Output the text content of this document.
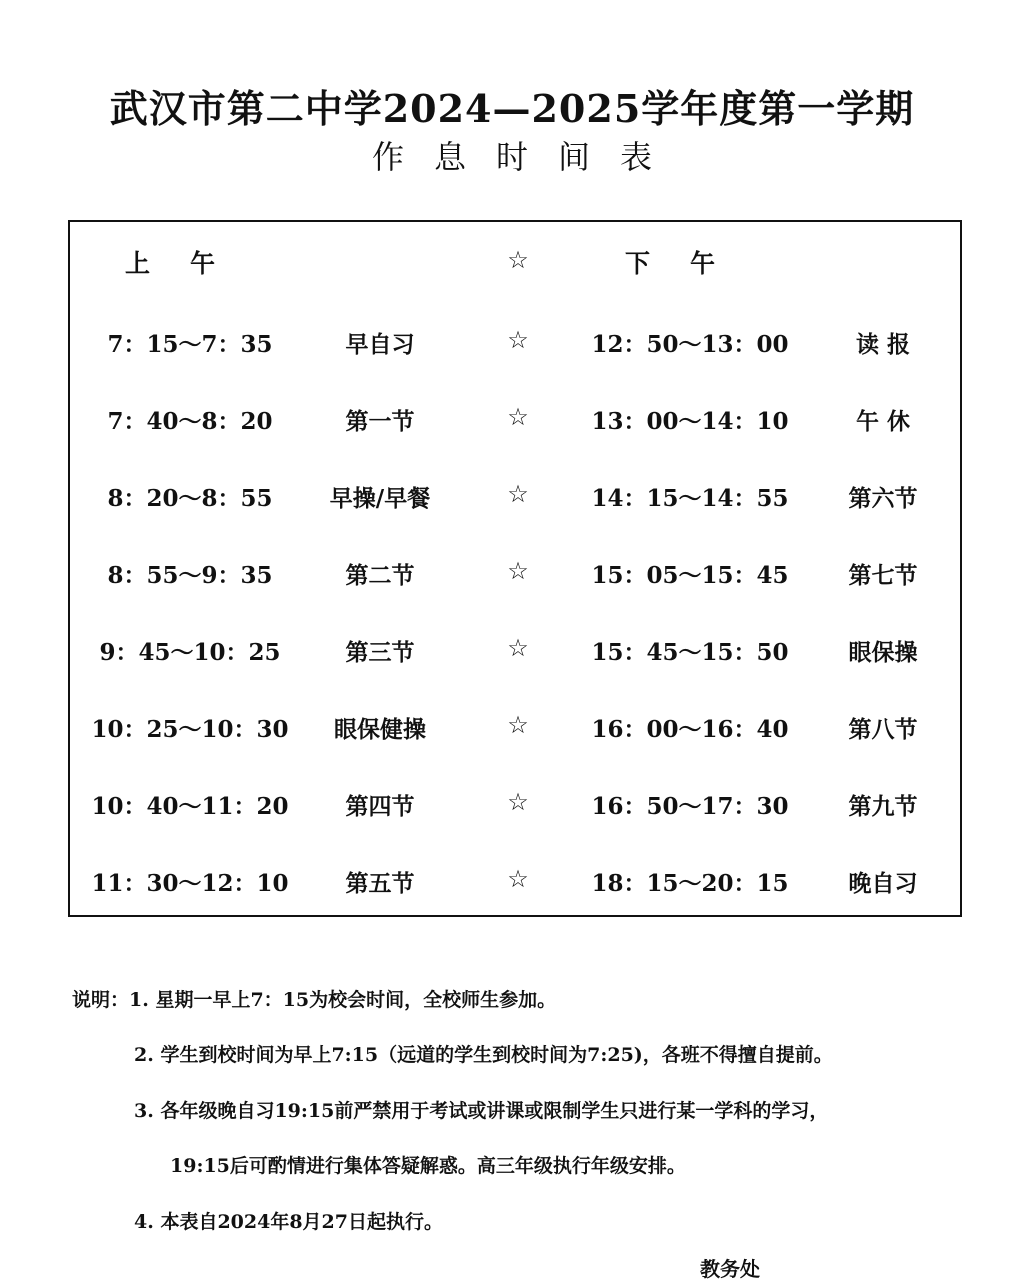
武汉市第二中学2024—2025学年度第一学期
作息时间表
上午	☆	下午
7：15～7：35	早自习	☆	12：50～13：00	读 报
7：40～8：20	第一节	☆	13：00～14：10	午 休
8：20～8：55	早操/早餐	☆	14：15～14：55	第六节
8：55～9：35	第二节	☆	15：05～15：45	第七节
9：45～10：25	第三节	☆	15：45～15：50	眼保操
10：25～10：30	眼保健操	☆	16：00～16：40	第八节
10：40～11：20	第四节	☆	16：50～17：30	第九节
11：30～12：10	第五节	☆	18：15～20：15	晚自习
说明：1. 星期一早上7：15为校会时间，全校师生参加。
2. 学生到校时间为早上7:15（远道的学生到校时间为7:25)，各班不得擅自提前。
3. 各年级晚自习19:15前严禁用于考试或讲课或限制学生只进行某一学科的学习，
19:15后可酌情进行集体答疑解惑。高三年级执行年级安排。
4. 本表自2024年8月27日起执行。
教务处
